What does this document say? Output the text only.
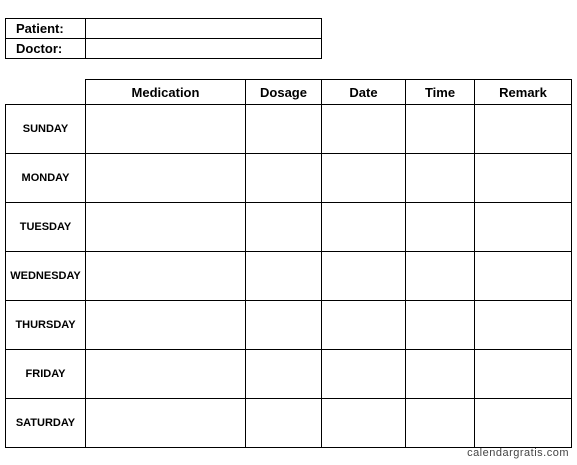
Patient:
Doctor:
	Medication	Dosage	Date	Time	Remark
SUNDAY					
MONDAY					
TUESDAY					
WEDNESDAY					
THURSDAY					
FRIDAY					
SATURDAY					
calendargratis.com
